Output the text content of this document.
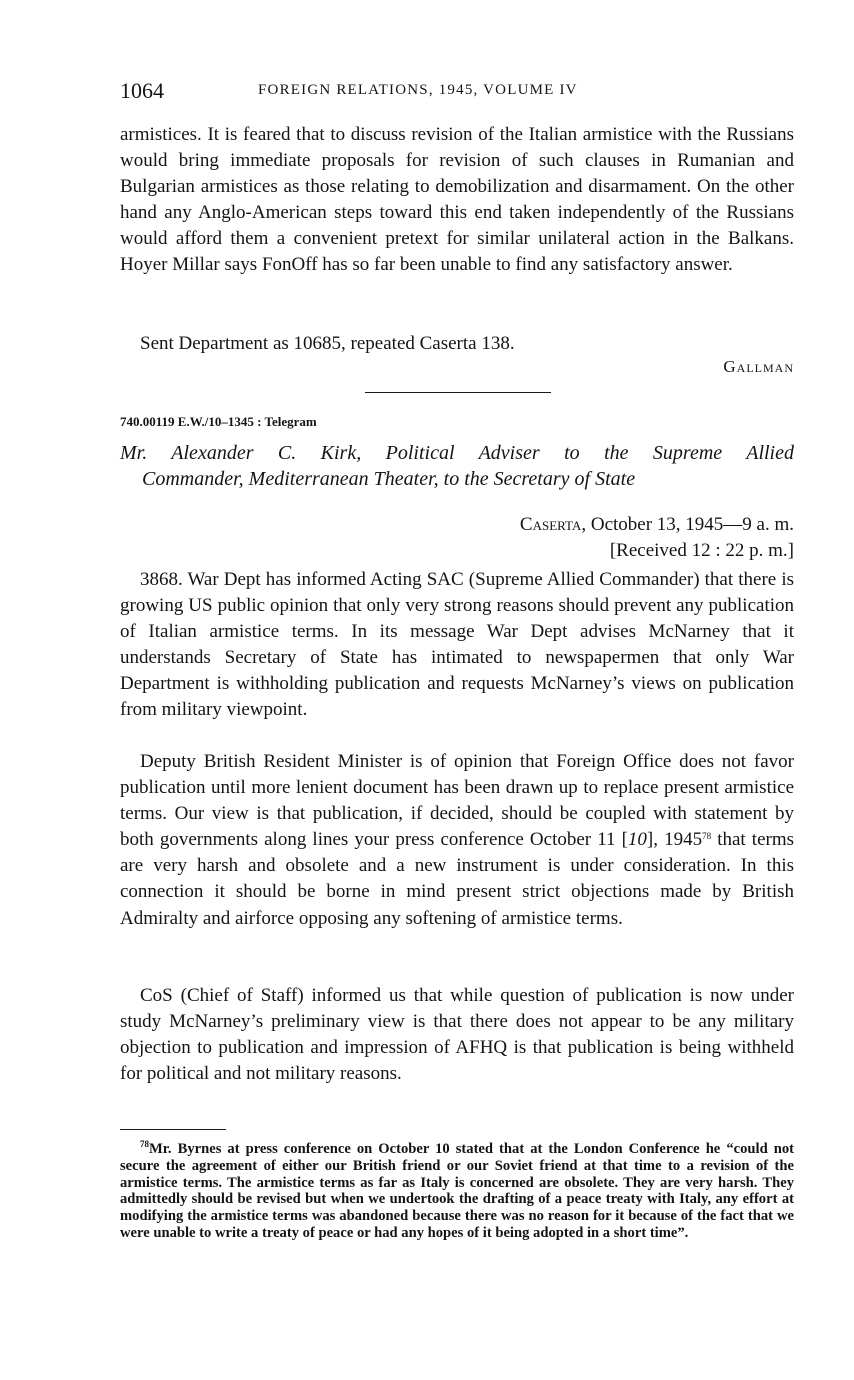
1064	FOREIGN RELATIONS, 1945, VOLUME IV

armistices. It is feared that to discuss revision of the Italian armistice with the Russians would bring immediate proposals for revision of such clauses in Rumanian and Bulgarian armistices as those relating to demobilization and disarmament. On the other hand any Anglo-American steps toward this end taken independently of the Russians would afford them a convenient pretext for similar unilateral action in the Balkans. Hoyer Millar says FonOff has so far been unable to find any satisfactory answer.

Sent Department as 10685, repeated Caserta 138.

Gallman
740.00119 E.W./10–1345 : Telegram
Mr. Alexander C. Kirk, Political Adviser to the Supreme Allied
Commander, Mediterranean Theater, to the Secretary of State
Caserta, October 13, 1945—9 a. m.
[Received 12 : 22 p. m.]

3868. War Dept has informed Acting SAC (Supreme Allied Commander) that there is growing US public opinion that only very strong reasons should prevent any publication of Italian armistice terms. In its message War Dept advises McNarney that it understands Secretary of State has intimated to newspapermen that only War Department is withholding publication and requests McNarney’s views on publication from military viewpoint.

Deputy British Resident Minister is of opinion that Foreign Office does not favor publication until more lenient document has been drawn up to replace present armistice terms. Our view is that publication, if decided, should be coupled with statement by both governments along lines your press conference October 11 [10], 1945$^{78}$ that terms are very harsh and obsolete and a new instrument is under consideration. In this connection it should be borne in mind present strict objections made by British Admiralty and airforce opposing any softening of armistice terms.

CoS (Chief of Staff) informed us that while question of publication is now under study McNarney’s preliminary view is that there does not appear to be any military objection to publication and impression of AFHQ is that publication is being withheld for political and not military reasons.

$^{78}$Mr. Byrnes at press conference on October 10 stated that at the London Conference he “could not secure the agreement of either our British friend or our Soviet friend at that time to a revision of the armistice terms. The armistice terms as far as Italy is concerned are obsolete. They are very harsh. They admittedly should be revised but when we undertook the drafting of a peace treaty with Italy, any effort at modifying the armistice terms was abandoned because there was no reason for it because of the fact that we were unable to write a treaty of peace or had any hopes of it being adopted in a short time”.
